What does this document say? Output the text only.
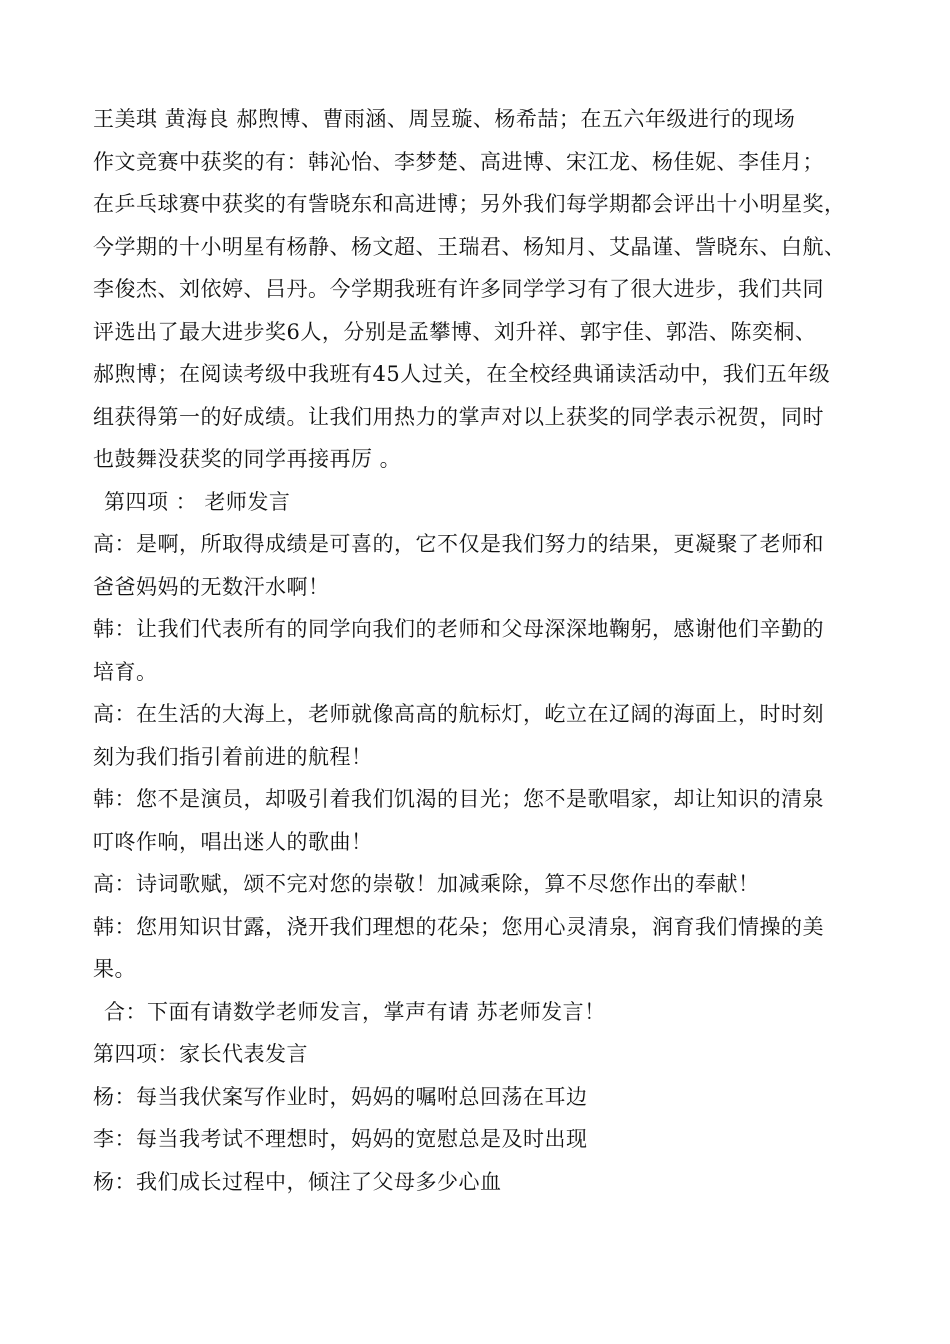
王美琪 黄海良 郝煦博、曹雨涵、周昱璇、杨希喆；在五六年级进行的现场
作文竞赛中获奖的有：韩沁怡、李梦楚、高进博、宋江龙、杨佳妮、李佳月；
在乒乓球赛中获奖的有訾晓东和高进博；另外我们每学期都会评出十小明星奖，
今学期的十小明星有杨静、杨文超、王瑞君、杨知月、艾晶谨、訾晓东、白航、
李俊杰、刘依婷、吕丹。今学期我班有许多同学学习有了很大进步，我们共同
评选出了最大进步奖6人，分别是孟攀博、刘升祥、郭宇佳、郭浩、陈奕桐、
郝煦博；在阅读考级中我班有45人过关，在全校经典诵读活动中，我们五年级
组获得第一的好成绩。让我们用热力的掌声对以上获奖的同学表示祝贺，同时
也鼓舞没获奖的同学再接再厉 。
第四项 ： 老师发言
高：是啊，所取得成绩是可喜的，它不仅是我们努力的结果，更凝聚了老师和
爸爸妈妈的无数汗水啊！
韩：让我们代表所有的同学向我们的老师和父母深深地鞠躬，感谢他们辛勤的
培育。
高：在生活的大海上，老师就像高高的航标灯，屹立在辽阔的海面上，时时刻
刻为我们指引着前进的航程！
韩：您不是演员，却吸引着我们饥渴的目光；您不是歌唱家，却让知识的清泉
叮咚作响，唱出迷人的歌曲！
高：诗词歌赋，颂不完对您的崇敬！加减乘除，算不尽您作出的奉献！
韩：您用知识甘露，浇开我们理想的花朵；您用心灵清泉，润育我们情操的美
果。
合：下面有请数学老师发言，掌声有请 苏老师发言！
第四项：家长代表发言
杨：每当我伏案写作业时，妈妈的嘱咐总回荡在耳边
李：每当我考试不理想时，妈妈的宽慰总是及时出现
杨：我们成长过程中，倾注了父母多少心血
